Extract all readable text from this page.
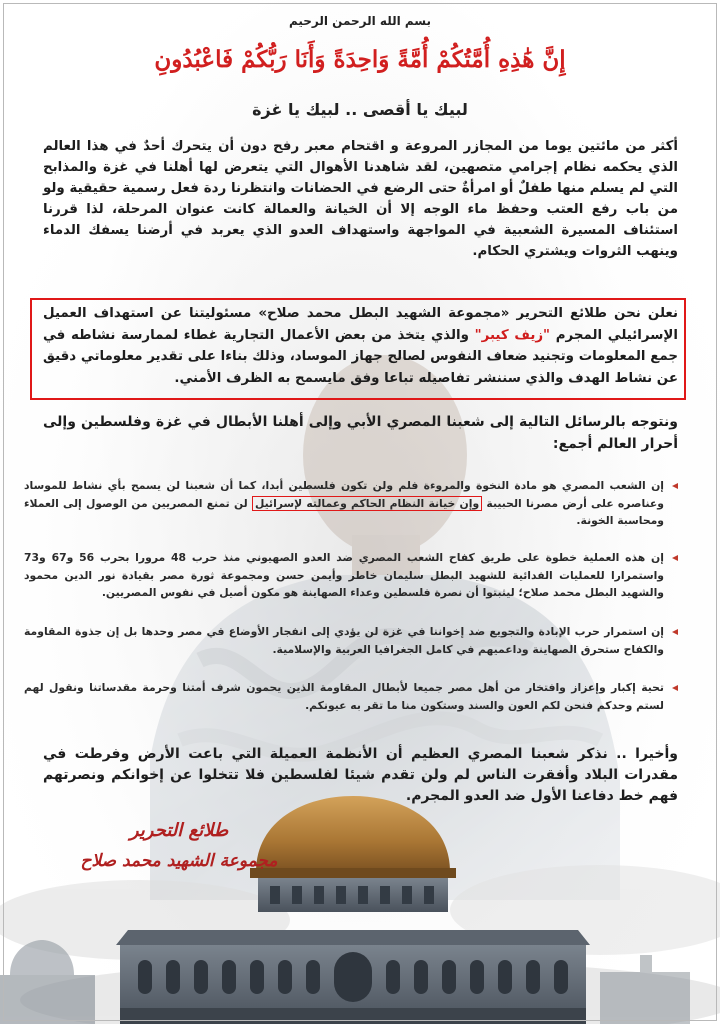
بسم الله الرحمن الرحيم
إِنَّ هَٰذِهِ أُمَّتُكُمْ أُمَّةً وَاحِدَةً وَأَنَا رَبُّكُمْ فَاعْبُدُونِ
لبيك يا أقصى .. لبيك يا غزة

أكثر من مائتين يوما من المجازر المروعة و اقتحام معبر رفح دون أن يتحرك أحدٌ في هذا العالم الذي يحكمه نظام إجرامي متصهين، لقد شاهدنا الأهوال التي يتعرض لها أهلنا في غزة والمذابح التي لم يسلم منها طفلٌ أو امرأةٌ حتى الرضع في الحضانات وانتظرنا ردة فعل رسمية حقيقية ولو من باب رفع العتب وحفظ ماء الوجه إلا أن الخيانة والعمالة كانت عنوان المرحلة، لذا قررنا استئناف المسيرة الشعبية في المواجهة واستهداف العدو الذي يعربد في أرضنا يسفك الدماء وينهب الثروات ويشتري الحكام.

نعلن نحن طلائع التحرير «مجموعة الشهيد البطل محمد صلاح» مسئوليتنا عن استهداف العميل الإسرائيلي المجرم "زيف كيبر" والذي يتخذ من بعض الأعمال التجارية غطاء لممارسة نشاطه في جمع المعلومات وتجنيد ضعاف النفوس لصالح جهاز الموساد، وذلك بناءا على تقدير معلوماتي دقيق عن نشاط الهدف والذي سننشر تفاصيله تباعا وفق مايسمح به الظرف الأمني.

ونتوجه بالرسائل التالية إلى شعبنا المصري الأبي وإلى أهلنا الأبطال في غزة وفلسطين وإلى أحرار العالم أجمع:

إن الشعب المصري هو مادة النخوة والمروءة فلم ولن تكون فلسطين أبدا، كما أن شعبنا لن يسمح بأي نشاط للموساد وعناصره على أرض مصرنا الحبيبة وإن خيانة النظام الحاكم وعمالته لإسرائيل لن تمنع المصريين من الوصول إلى العملاء ومحاسبة الخونة.
إن هذه العملية خطوة على طريق كفاح الشعب المصري ضد العدو الصهيوني منذ حرب 48 مرورا بحرب 56 و67 و73 واستمرارا للعمليات الفدائية للشهيد البطل سليمان خاطر وأيمن حسن ومجموعة ثورة مصر بقيادة نور الدين محمود والشهيد البطل محمد صلاح؛ ليثبتوا أن نصرة فلسطين وعداء الصهاينة هو مكون أصيل في نفوس المصريين.
إن استمرار حرب الإبادة والتجويع ضد إخواننا في غزة لن يؤدي إلى انفجار الأوضاع في مصر وحدها بل إن جذوة المقاومة والكفاح ستحرق الصهاينة وداعميهم في كامل الجغرافيا العربية والإسلامية.
تحية إكبار وإعزاز وافتخار من أهل مصر جميعا لأبطال المقاومة الذين يحمون شرف أمتنا وحرمة مقدساتنا ونقول لهم لستم وحدكم فنحن لكم العون والسند وستكون منا ما تقر به عيونكم.

وأخيرا .. نذكر شعبنا المصري العظيم أن الأنظمة العميلة التي باعت الأرض وفرطت في مقدرات البلاد وأفقرت الناس لم ولن تقدم شيئا لفلسطين فلا تتخلوا عن إخوانكم ونصرتهم فهم خط دفاعنا الأول ضد العدو المجرم.

طلائع التحرير
مجموعة الشهيد محمد صلاح
